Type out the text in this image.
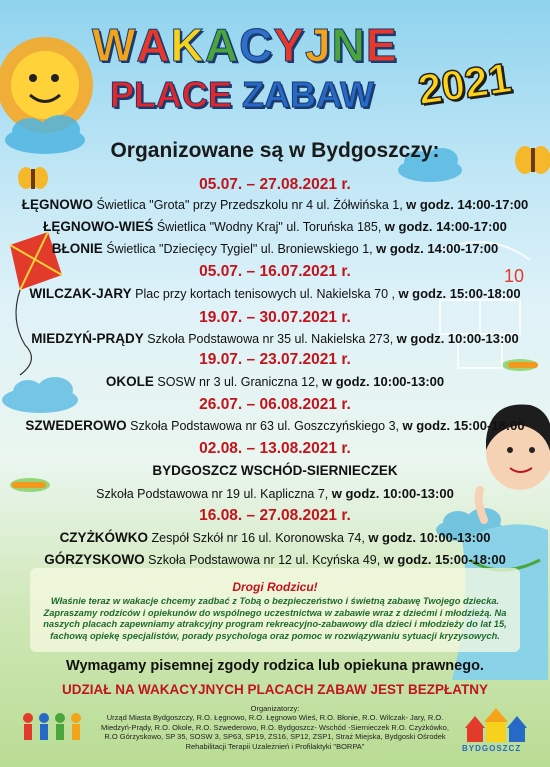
10
WAKACYJNE
PLACE ZABAW 2021
Organizowane są w Bydgoszczy:
05.07. – 27.08.2021 r.
ŁĘGNOWO Świetlica "Grota" przy Przedszkolu nr 4 ul. Żółwińska 1, w godz. 14:00-17:00
ŁĘGNOWO-WIEŚ Świetlica "Wodny Kraj" ul. Toruńska 185, w godz. 14:00-17:00
BŁONIE Świetlica "Dziecięcy Tygiel" ul. Broniewskiego 1, w godz. 14:00-17:00
05.07. – 16.07.2021 r.
WILCZAK-JARY Plac przy kortach tenisowych ul. Nakielska 70 , w godz. 15:00-18:00
19.07. – 30.07.2021 r.
MIEDZYŃ-PRĄDY Szkoła Podstawowa nr 35 ul. Nakielska 273, w godz. 10:00-13:00
19.07. – 23.07.2021 r.
OKOLE SOSW nr 3 ul. Graniczna 12, w godz. 10:00-13:00
26.07. – 06.08.2021 r.
SZWEDEROWO Szkoła Podstawowa nr 63 ul. Goszczyńskiego 3, w godz. 15:00-18:00
02.08. – 13.08.2021 r.
BYDGOSZCZ WSCHÓD-SIERNIECZEK
Szkoła Podstawowa nr 19 ul. Kapliczna 7, w godz. 10:00-13:00
16.08. – 27.08.2021 r.
CZYŻKÓWKO Zespół Szkół nr 16 ul. Koronowska 74, w godz. 10:00-13:00
GÓRZYSKOWO Szkoła Podstawowa nr 12 ul. Kcyńska 49, w godz. 15:00-18:00
Drogi Rodzicu!
Właśnie teraz w wakacje chcemy zadbać z Tobą o bezpieczeństwo i świetną zabawę Twojego dziecka. Zapraszamy rodziców i opiekunów do wspólnego uczestnictwa w zabawie wraz z dziećmi i młodzieżą. Na naszych placach zapewniamy atrakcyjny program rekreacyjno-zabawowy dla dzieci i młodzieży do lat 15, fachową opiekę specjalistów, porady psychologa oraz pomoc w rozwiązywaniu sytuacji kryzysowych.
Wymagamy pisemnej zgody rodzica lub opiekuna prawnego.
UDZIAŁ NA WAKACYJNYCH PLACACH ZABAW JEST BEZPŁATNY
Organizatorzy:
Urząd Miasta Bydgoszczy, R.O. Łęgnowo, R.O. Łęgnowo Wieś, R.O. Błonie, R.O. Wilczak- Jary, R.O. Miedzyń-Prądy, R.O. Okole, R.O. Szwederowo, R.O. Bydgoszcz- Wschód -Siernieczek R.O. Czyżkówko, R.O Górzyskowo, SP 35, SOSW 3, SP63, SP19, ZS16, SP12, ZSP1, Straż Miejska, Bydgoski Ośrodek Rehabilitacji Terapii Uzależnień i Profilaktyki "BORPA"	BYDGOSZCZ
